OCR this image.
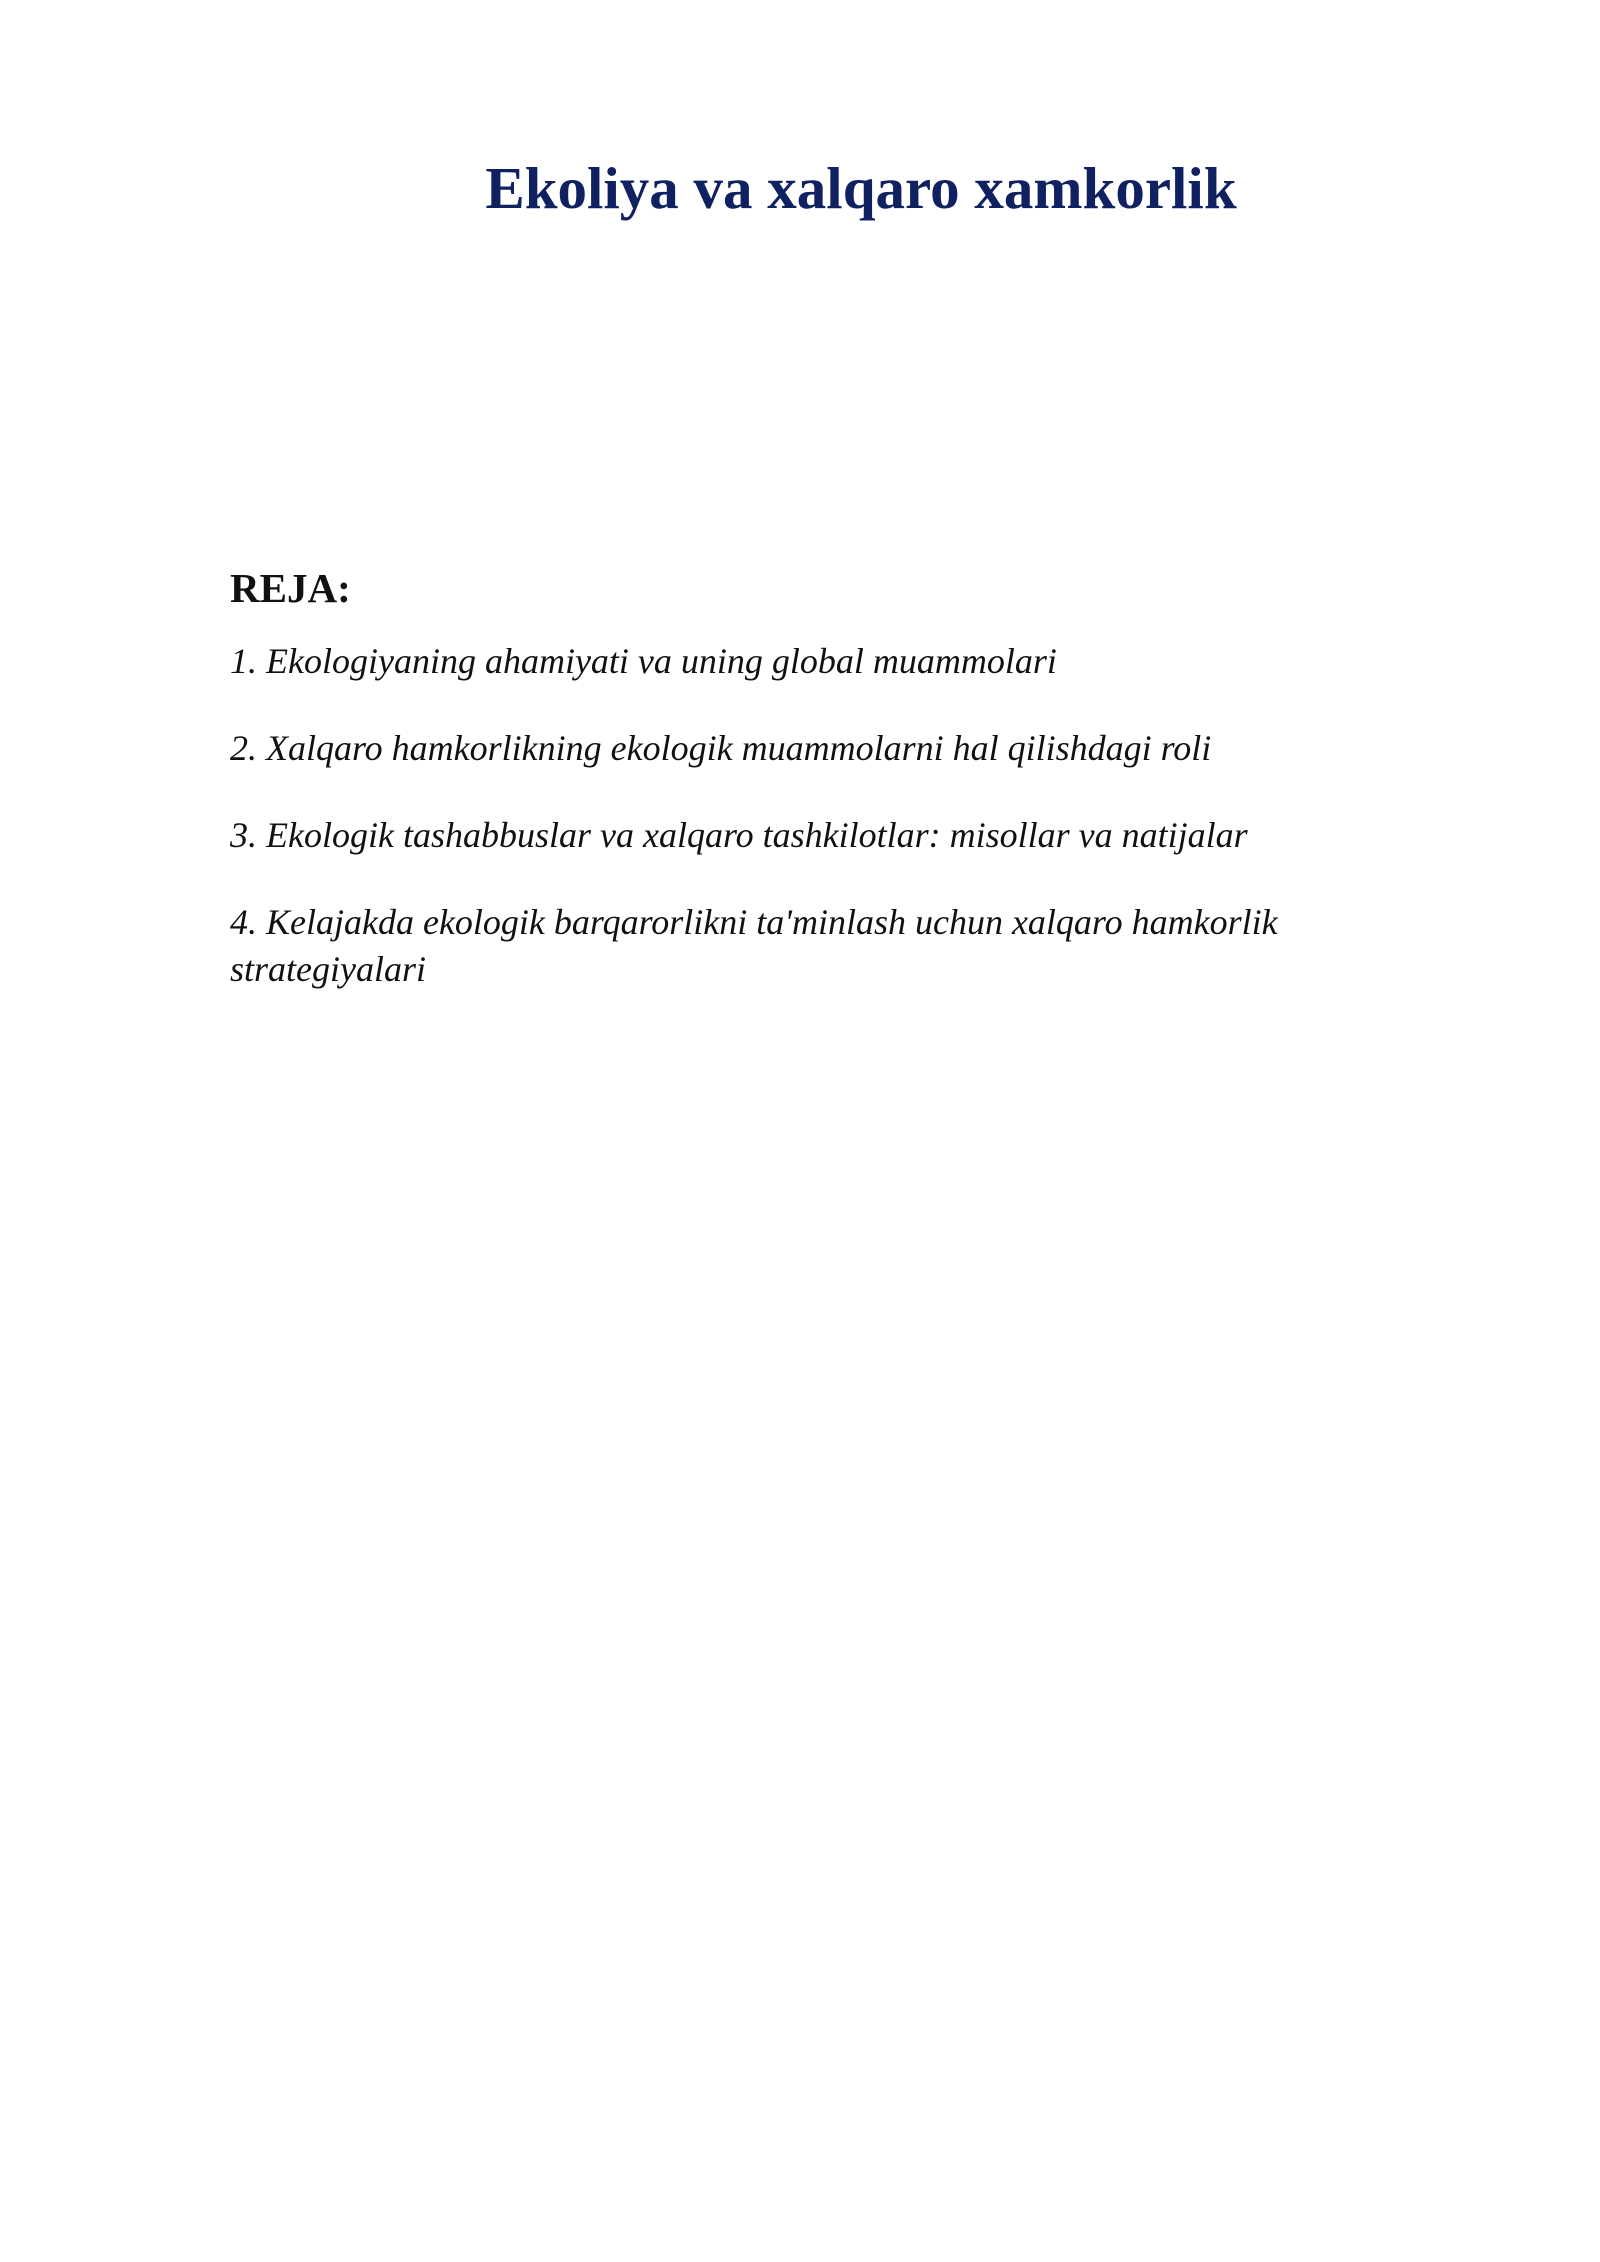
Ekoliya va xalqaro xamkorlik
REJA:
1. Ekologiyaning ahamiyati va uning global muammolari
2. Xalqaro hamkorlikning ekologik muammolarni hal qilishdagi roli
3. Ekologik tashabbuslar va xalqaro tashkilotlar: misollar va natijalar
4. Kelajakda ekologik barqarorlikni ta'minlash uchun xalqaro hamkorlik strategiyalari
